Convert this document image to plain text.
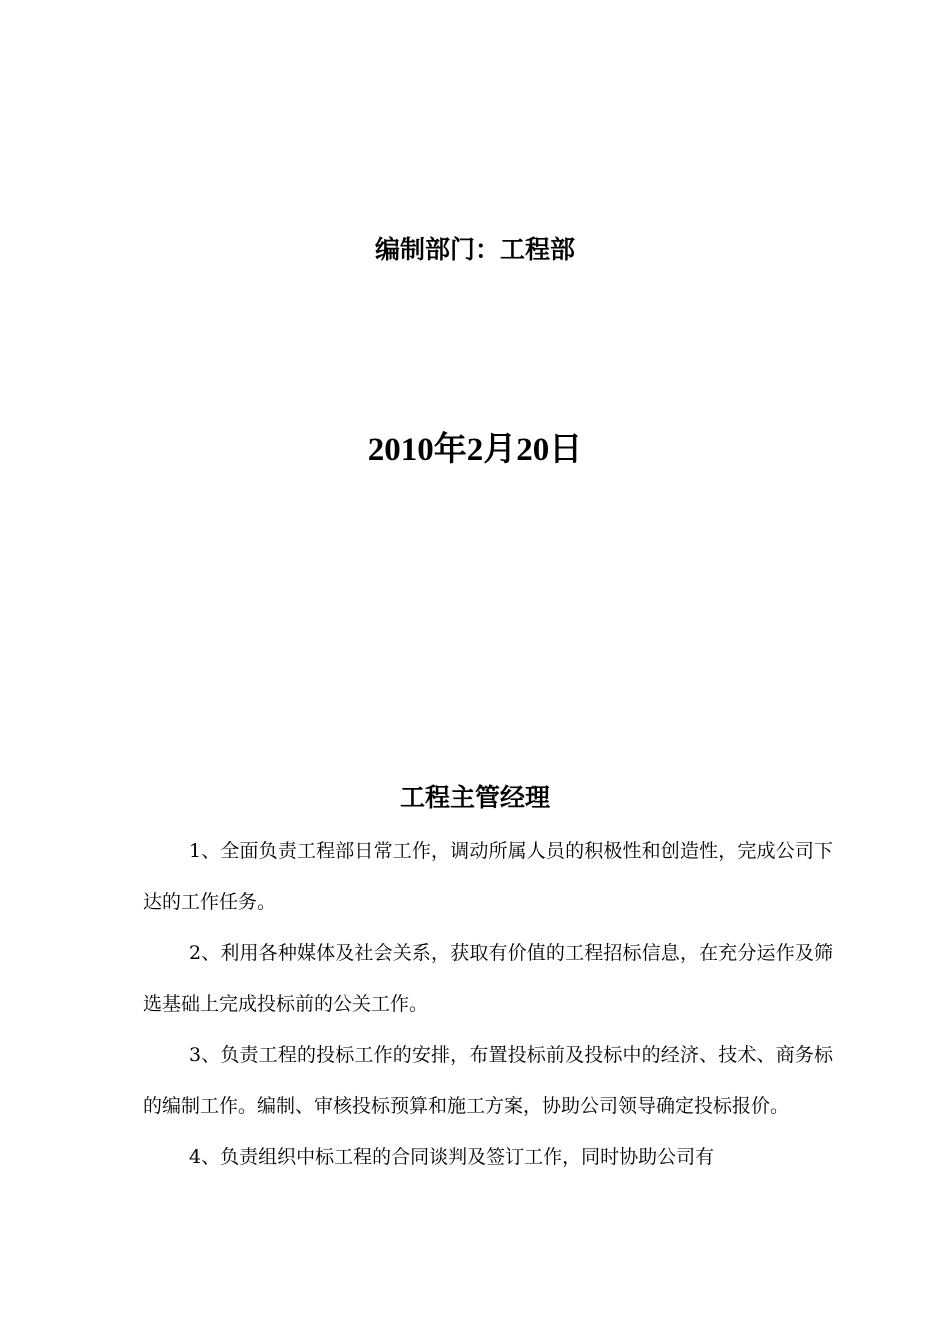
编制部门：工程部
2010年2月20日
工程主管经理

1、全面负责工程部日常工作，调动所属人员的积极性和创造性，完成公司下达的工作任务。

2、利用各种媒体及社会关系，获取有价值的工程招标信息，在充分运作及筛选基础上完成投标前的公关工作。

3、负责工程的投标工作的安排，布置投标前及投标中的经济、技术、商务标的编制工作。编制、审核投标预算和施工方案，协助公司领导确定投标报价。

4、负责组织中标工程的合同谈判及签订工作，同时协助公司有
